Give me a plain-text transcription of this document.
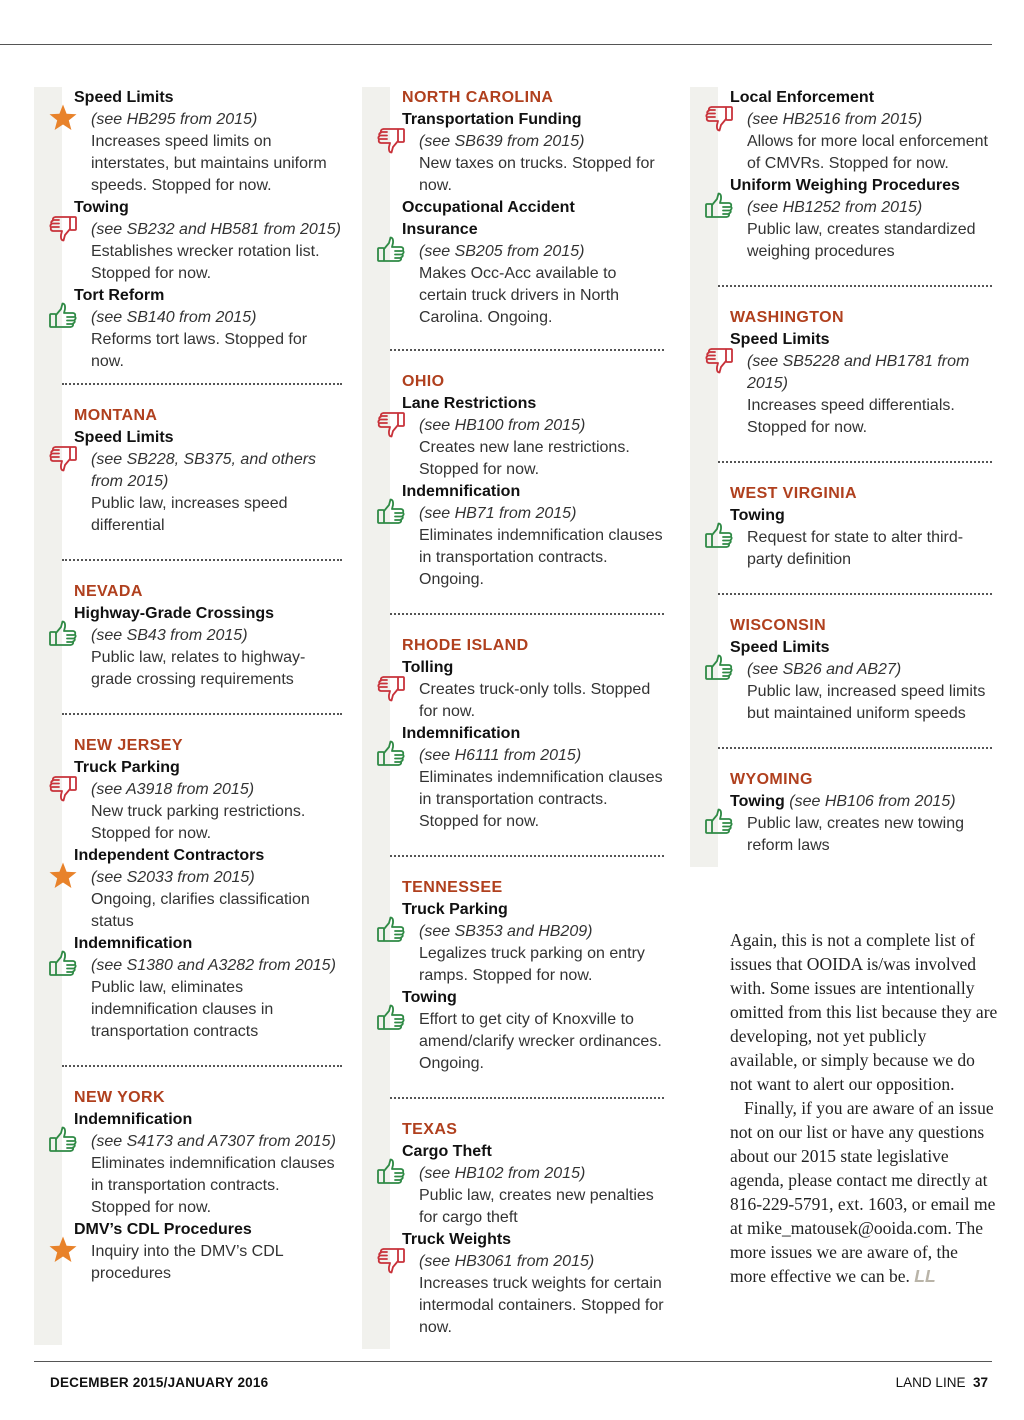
Speed Limits
(see HB295 from 2015)
Increases speed limits on interstates, but maintains uniform speeds. Stopped for now.
Towing
(see SB232 and HB581 from 2015)
Establishes wrecker rotation list. Stopped for now.
Tort Reform
(see SB140 from 2015)
Reforms tort laws. Stopped for now.
MONTANA
Speed Limits
(see SB228, SB375, and others from 2015)
Public law, increases speed differential
NEVADA
Highway-Grade Crossings
(see SB43 from 2015)
Public law, relates to highway-grade crossing requirements
NEW JERSEY
Truck Parking
(see A3918 from 2015)
New truck parking restrictions. Stopped for now.
Independent Contractors
(see S2033 from 2015)
Ongoing, clarifies classification status
Indemnification
(see S1380 and A3282 from 2015)
Public law, eliminates indemnification clauses in transportation contracts
NEW YORK
Indemnification
(see S4173 and A7307 from 2015)
Eliminates indemnification clauses in transportation contracts. Stopped for now.
DMV’s CDL Procedures
Inquiry into the DMV’s CDL procedures
NORTH CAROLINA
Transportation Funding
(see SB639 from 2015)
New taxes on trucks. Stopped for now.
Occupational Accident Insurance
(see SB205 from 2015)
Makes Occ-Acc available to certain truck drivers in North Carolina. Ongoing.
OHIO
Lane Restrictions
(see HB100 from 2015)
Creates new lane restrictions. Stopped for now.
Indemnification
(see HB71 from 2015)
Eliminates indemnification clauses in transportation contracts. Ongoing.
RHODE ISLAND
Tolling
Creates truck-only tolls. Stopped for now.
Indemnification
(see H6111 from 2015)
Eliminates indemnification clauses in transportation contracts. Stopped for now.
TENNESSEE
Truck Parking
(see SB353 and HB209)
Legalizes truck parking on entry ramps. Stopped for now.
Towing
Effort to get city of Knoxville to amend/clarify wrecker ordinances. Ongoing.
TEXAS
Cargo Theft
(see HB102 from 2015)
Public law, creates new penalties for cargo theft
Truck Weights
(see HB3061 from 2015)
Increases truck weights for certain intermodal containers. Stopped for now.
Local Enforcement
(see HB2516 from 2015)
Allows for more local enforcement of CMVRs. Stopped for now.
Uniform Weighing Procedures
(see HB1252 from 2015)
Public law, creates standardized weighing procedures
WASHINGTON
Speed Limits
(see SB5228 and HB1781 from 2015)
Increases speed differentials. Stopped for now.
WEST VIRGINIA
Towing
Request for state to alter third-party definition
WISCONSIN
Speed Limits
(see SB26 and AB27)
Public law, increased speed limits but maintained uniform speeds
WYOMING
Towing (see HB106 from 2015)
Public law, creates new towing reform laws

Again, this is not a complete list of issues that OOIDA is/was involved with. Some issues are intentionally omitted from this list because they are developing, not yet publicly available, or simply because we do not want to alert our opposition.

Finally, if you are aware of an issue not on our list or have any questions about our 2015 state legislative agenda, please contact me directly at 816-229-5791, ext. 1603, or email me at mike_matousek@ooida.com. The more issues we are aware of, the more effective we can be. LL

DECEMBER 2015/JANUARY 2016	LAND LINE 37
